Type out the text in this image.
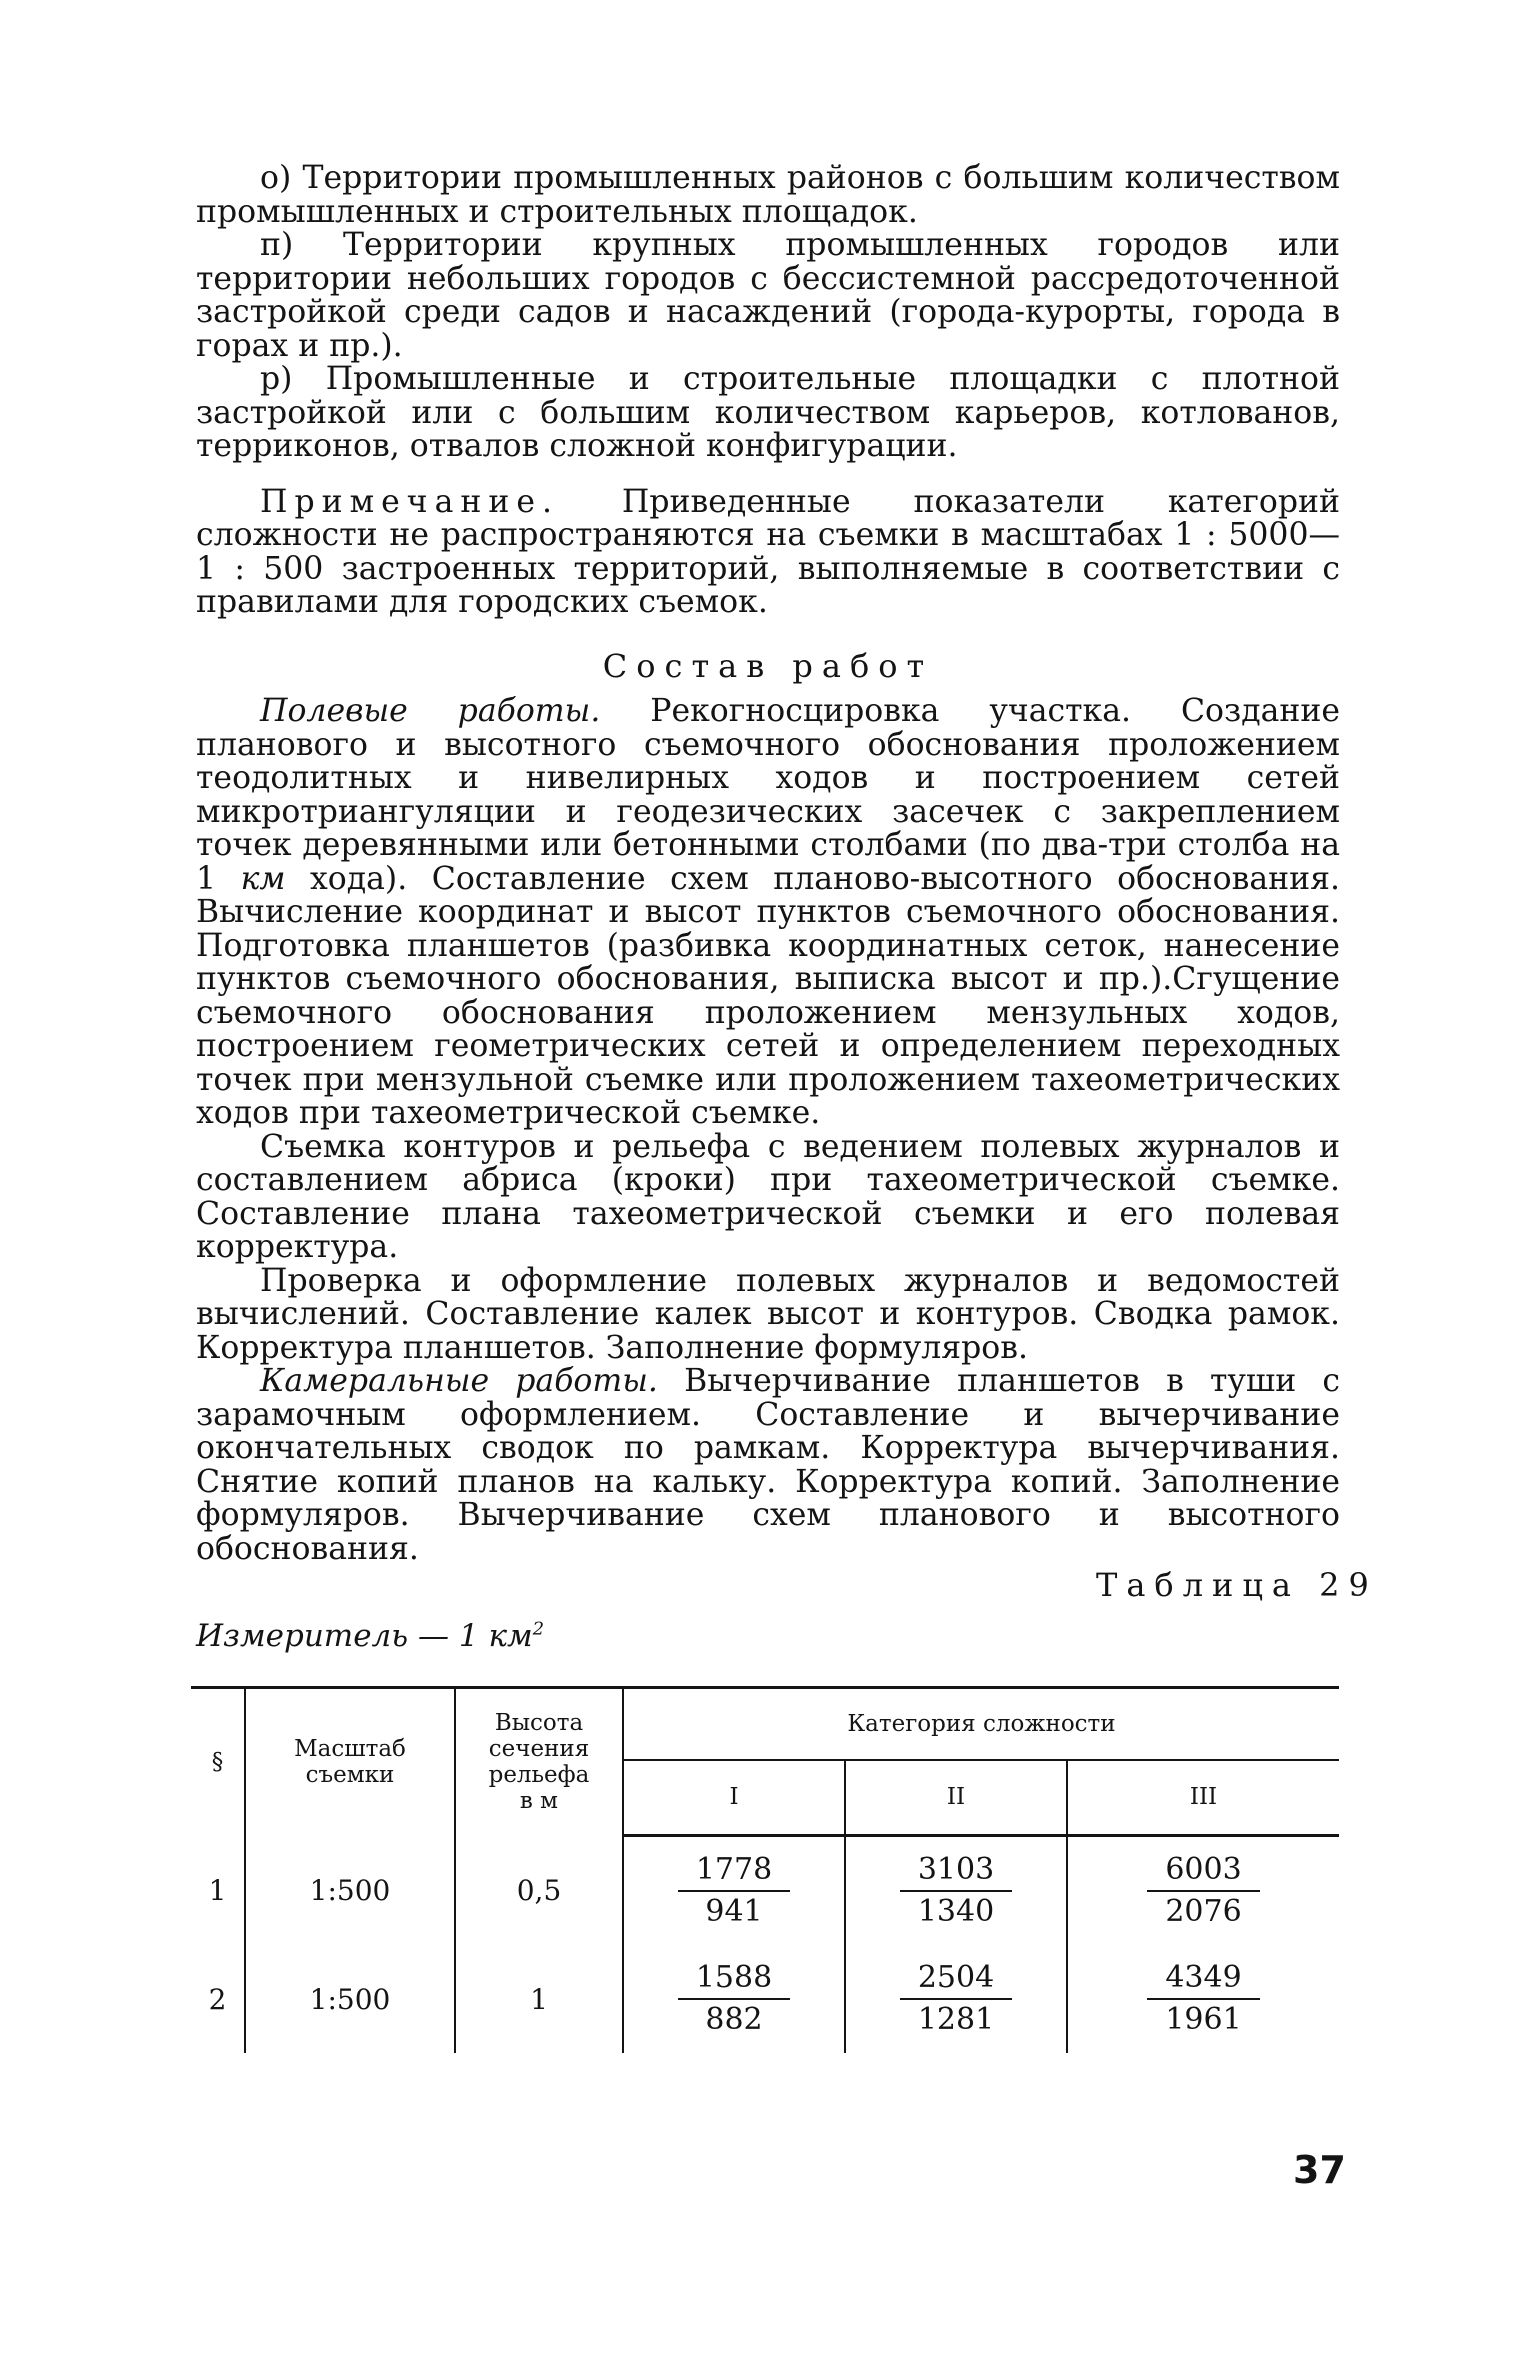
о) Территории промышленных районов с большим количеством промышленных и строительных площадок.

п) Территории крупных промышленных городов или территории небольших городов с бессистемной рассредоточенной застройкой среди садов и насаждений (города-курорты, города в горах и пр.).

р) Промышленные и строительные площадки с плотной застройкой или с большим количеством карьеров, котлованов, терриконов, отвалов сложной конфигурации.

Примечание. Приведенные показатели категорий сложности не распространяются на съемки в масштабах 1 : 5000—1 : 500 застроенных территорий, выполняемые в соответствии с правилами для городских съемок.

Состав работ

Полевые работы. Рекогносцировка участка. Создание планового и высотного съемочного обоснования проложением теодолитных и нивелирных ходов и построением сетей микротриангуляции и геодезических засечек с закреплением точек деревянными или бетонными столбами (по два-три столба на 1 км хода). Составление схем планово-высотного обоснования. Вычисление координат и высот пунктов съемочного обоснования. Подготовка планшетов (разбивка координатных сеток, нанесение пунктов съемочного обоснования, выписка высот и пр.).Сгущение съемочного обоснования проложением мензульных ходов, построением геометрических сетей и определением переходных точек при мензульной съемке или проложением тахеометрических ходов при тахеометрической съемке.

Съемка контуров и рельефа с ведением полевых журналов и составлением абриса (кроки) при тахеометрической съемке. Составление плана тахеометрической съемки и его полевая корректура.

Проверка и оформление полевых журналов и ведомостей вычислений. Составление калек высот и контуров. Сводка рамок. Корректура планшетов. Заполнение формуляров.

Камеральные работы. Вычерчивание планшетов в туши с зарамочным оформлением. Составление и вычерчивание окончательных сводок по рамкам. Корректура вычерчивания. Снятие копий планов на кальку. Корректура копий. Заполнение формуляров. Вычерчивание схем планового и высотного обоснования.

Таблица 29
Измеритель — 1 $км^2$
§	Масштаб съемки	Высота сечения рельефа в м	Категория сложности		
			I	II	III
1	1:500	0,5	$\frac{1778}{941}$	$\frac{3103}{1340}$	$\frac{6003}{2076}$

2	1:500	1	$\frac{1588}{882}$	$\frac{2504}{1281}$	$\frac{4349}{1961}$
37
